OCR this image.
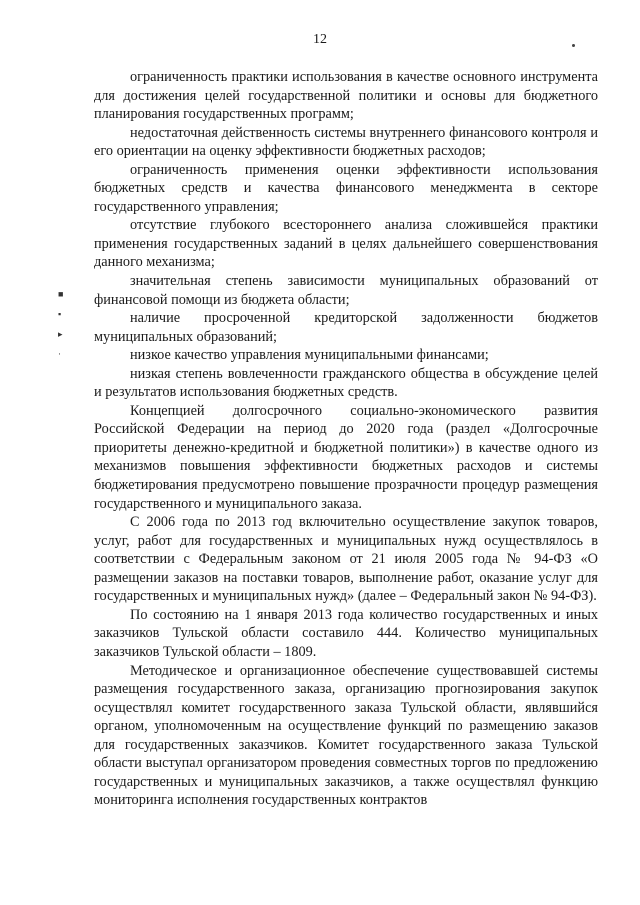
12
■
▪
▸
·

ограниченность практики использования в качестве основного инструмента для достижения целей государственной политики и основы для бюджетного планирования государственных программ;

недостаточная действенность системы внутреннего финансового контроля и его ориентации на оценку эффективности бюджетных расходов;

ограниченность применения оценки эффективности использования бюджетных средств и качества финансового менеджмента в секторе государственного управления;

отсутствие глубокого всестороннего анализа сложившейся практики применения государственных заданий в целях дальнейшего совершенствования данного механизма;

значительная степень зависимости муниципальных образований от финансовой помощи из бюджета области;

наличие просроченной кредиторской задолженности бюджетов муниципальных образований;

низкое качество управления муниципальными финансами;

низкая степень вовлеченности гражданского общества в обсуждение целей и результатов использования бюджетных средств.

Концепцией долгосрочного социально-экономического развития Российской Федерации на период до 2020 года (раздел «Долгосрочные приоритеты денежно-кредитной и бюджетной политики») в качестве одного из механизмов повышения эффективности бюджетных расходов и системы бюджетирования предусмотрено повышение прозрачности процедур размещения государственного и муниципального заказа.

С 2006 года по 2013 год включительно осуществление закупок товаров, услуг, работ для государственных и муниципальных нужд осуществлялось в соответствии с Федеральным законом от 21 июля 2005 года № 94-ФЗ «О размещении заказов на поставки товаров, выполнение работ, оказание услуг для государственных и муниципальных нужд» (далее – Федеральный закон № 94-ФЗ).

По состоянию на 1 января 2013 года количество государственных и иных заказчиков Тульской области составило 444. Количество муниципальных заказчиков Тульской области – 1809.

Методическое и организационное обеспечение существовавшей системы размещения государственного заказа, организацию прогнозирования закупок осуществлял комитет государственного заказа Тульской области, являвшийся органом, уполномоченным на осуществление функций по размещению заказов для государственных заказчиков. Комитет государственного заказа Тульской области выступал организатором проведения совместных торгов по предложению государственных и муниципальных заказчиков, а также осуществлял функцию мониторинга исполнения государственных контрактов
